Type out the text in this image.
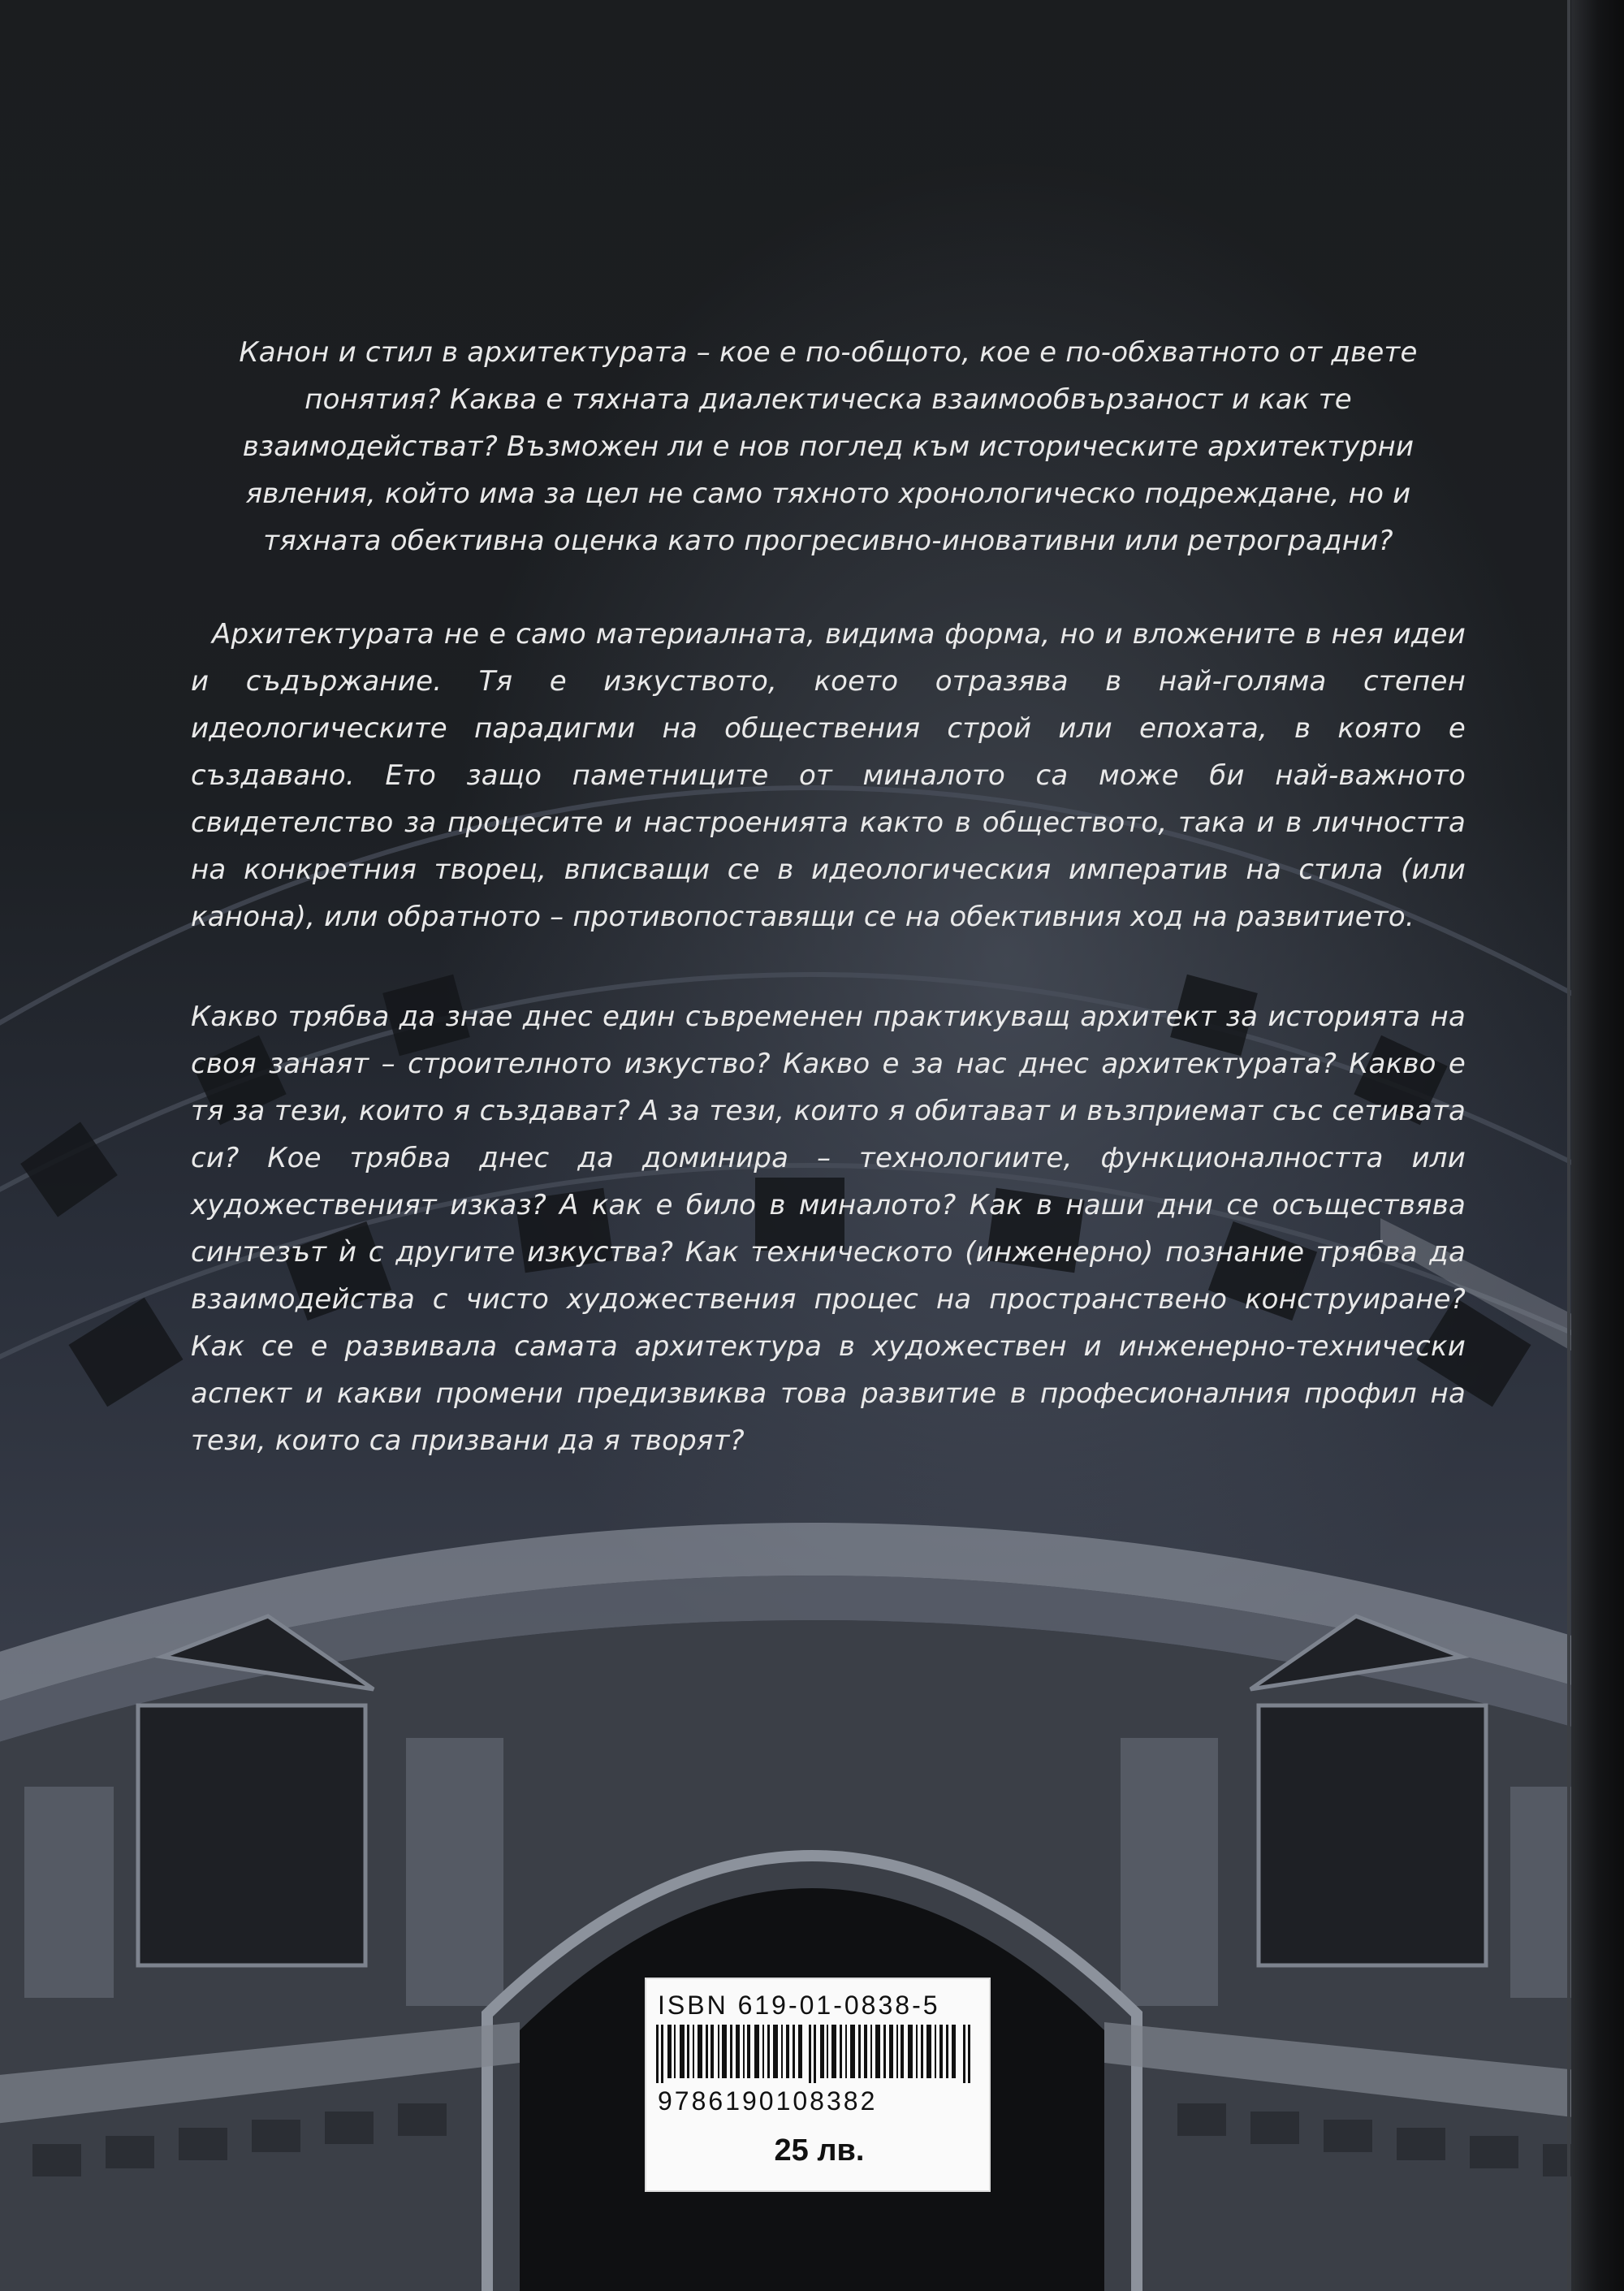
Канон и стил в архитектурата – кое е по-общото, кое е по-обхватното от двете понятия? Каква е тяхната диалектическа взаимообвързаност и как те взаимодействат? Възможен ли е нов поглед към историческите архитектурни явления, който има за цел не само тяхното хронологическо подреждане, но и тяхната обективна оценка като прогресивно-иновативни или ретроградни?
Архитектурата не е само материалната, видима форма, но и вложените в нея идеи и съдържание. Тя е изкуството, което отразява в най-голяма степен идеологическите парадигми на обществения строй или епохата, в която е създавано. Ето защо паметниците от миналото са може би най-важното свидетелство за процесите и настроенията както в обществото, така и в личността на конкретния творец, вписващи се в идеологическия императив на стила (или канона), или обратното – противопоставящи се на обективния ход на развитието.
Какво трябва да знае днес един съвременен практикуващ архитект за историята на своя занаят – строителното изкуство? Какво е за нас днес архитектурата? Какво е тя за тези, които я създават? А за тези, които я обитават и възприемат със сетивата си? Кое трябва днес да доминира – технологиите, функционалността или художественият изказ? А как е било в миналото? Как в наши дни се осъществява синтезът ѝ с другите изкуства? Как техническото (инженерно) познание трябва да взаимодейства с чисто художествения процес на пространствено конструиране? Как се е развивала самата архитектура в художествен и инженерно-технически аспект и какви промени предизвиква това развитие в професионалния профил на тези, които са призвани да я творят?
ISBN 619-01-0838-5
9786190108382
25 лв.
